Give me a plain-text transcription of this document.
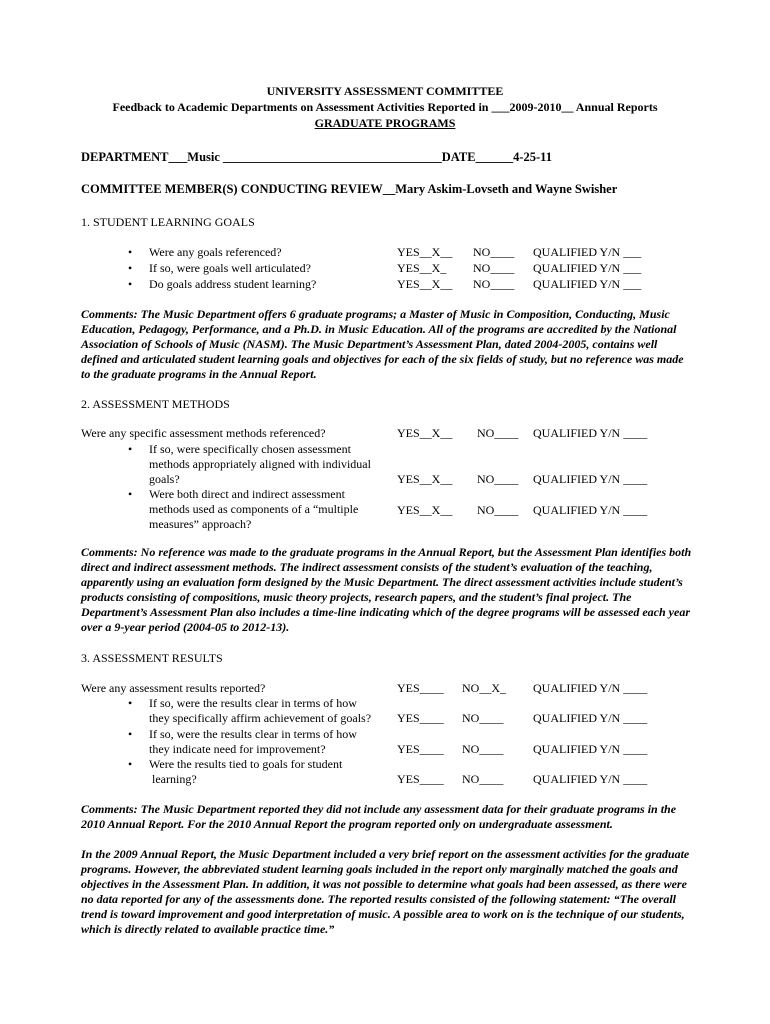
UNIVERSITY ASSESSMENT COMMITTEE
Feedback to Academic Departments on Assessment Activities Reported in ___2009-2010__ Annual Reports
GRADUATE PROGRAMS
DEPARTMENT___Music ___________________________________DATE______4-25-11
COMMITTEE MEMBER(S) CONDUCTING REVIEW__Mary Askim-Lovseth and Wayne Swisher
1. STUDENT LEARNING GOALS
• Were any goals referenced?	YES__X__ NO____ QUALIFIED Y/N ___
• If so, were goals well articulated?	YES__X_ NO____ QUALIFIED Y/N ___
• Do goals address student learning?	YES__X__ NO____ QUALIFIED Y/N ___
Comments: The Music Department offers 6 graduate programs; a Master of Music in Composition, Conducting, Music
Education, Pedagogy, Performance, and a Ph.D. in Music Education. All of the programs are accredited by the National
Association of Schools of Music (NASM). The Music Department’s Assessment Plan, dated 2004-2005, contains well
defined and articulated student learning goals and objectives for each of the six fields of study, but no reference was made
to the graduate programs in the Annual Report.
2. ASSESSMENT METHODS
Were any specific assessment methods referenced?	YES__X__ NO____ QUALIFIED Y/N ____
• If so, were specifically chosen assessment
methods appropriately aligned with individual
goals?	YES__X__ NO____ QUALIFIED Y/N ____
• Were both direct and indirect assessment
methods used as components of a “multiple
measures” approach?
YES__X__ NO____ QUALIFIED Y/N ____
Comments: No reference was made to the graduate programs in the Annual Report, but the Assessment Plan identifies both
direct and indirect assessment methods. The indirect assessment consists of the student’s evaluation of the teaching,
apparently using an evaluation form designed by the Music Department. The direct assessment activities include student’s
products consisting of compositions, music theory projects, research papers, and the student’s final project. The
Department’s Assessment Plan also includes a time-line indicating which of the degree programs will be assessed each year
over a 9-year period (2004-05 to 2012-13).
3. ASSESSMENT RESULTS
Were any assessment results reported?	YES____ NO__X_ QUALIFIED Y/N ____
• If so, were the results clear in terms of how
they specifically affirm achievement of goals? YES____ NO____ QUALIFIED Y/N ____
• If so, were the results clear in terms of how
they indicate need for improvement?	YES____ NO____ QUALIFIED Y/N ____
• Were the results tied to goals for student
learning?	YES____ NO____ QUALIFIED Y/N ____
Comments: The Music Department reported they did not include any assessment data for their graduate programs in the
2010 Annual Report. For the 2010 Annual Report the program reported only on undergraduate assessment.
In the 2009 Annual Report, the Music Department included a very brief report on the assessment activities for the graduate
programs. However, the abbreviated student learning goals included in the report only marginally matched the goals and
objectives in the Assessment Plan. In addition, it was not possible to determine what goals had been assessed, as there were
no data reported for any of the assessments done. The reported results consisted of the following statement: “The overall
trend is toward improvement and good interpretation of music. A possible area to work on is the technique of our students,
which is directly related to available practice time.”
